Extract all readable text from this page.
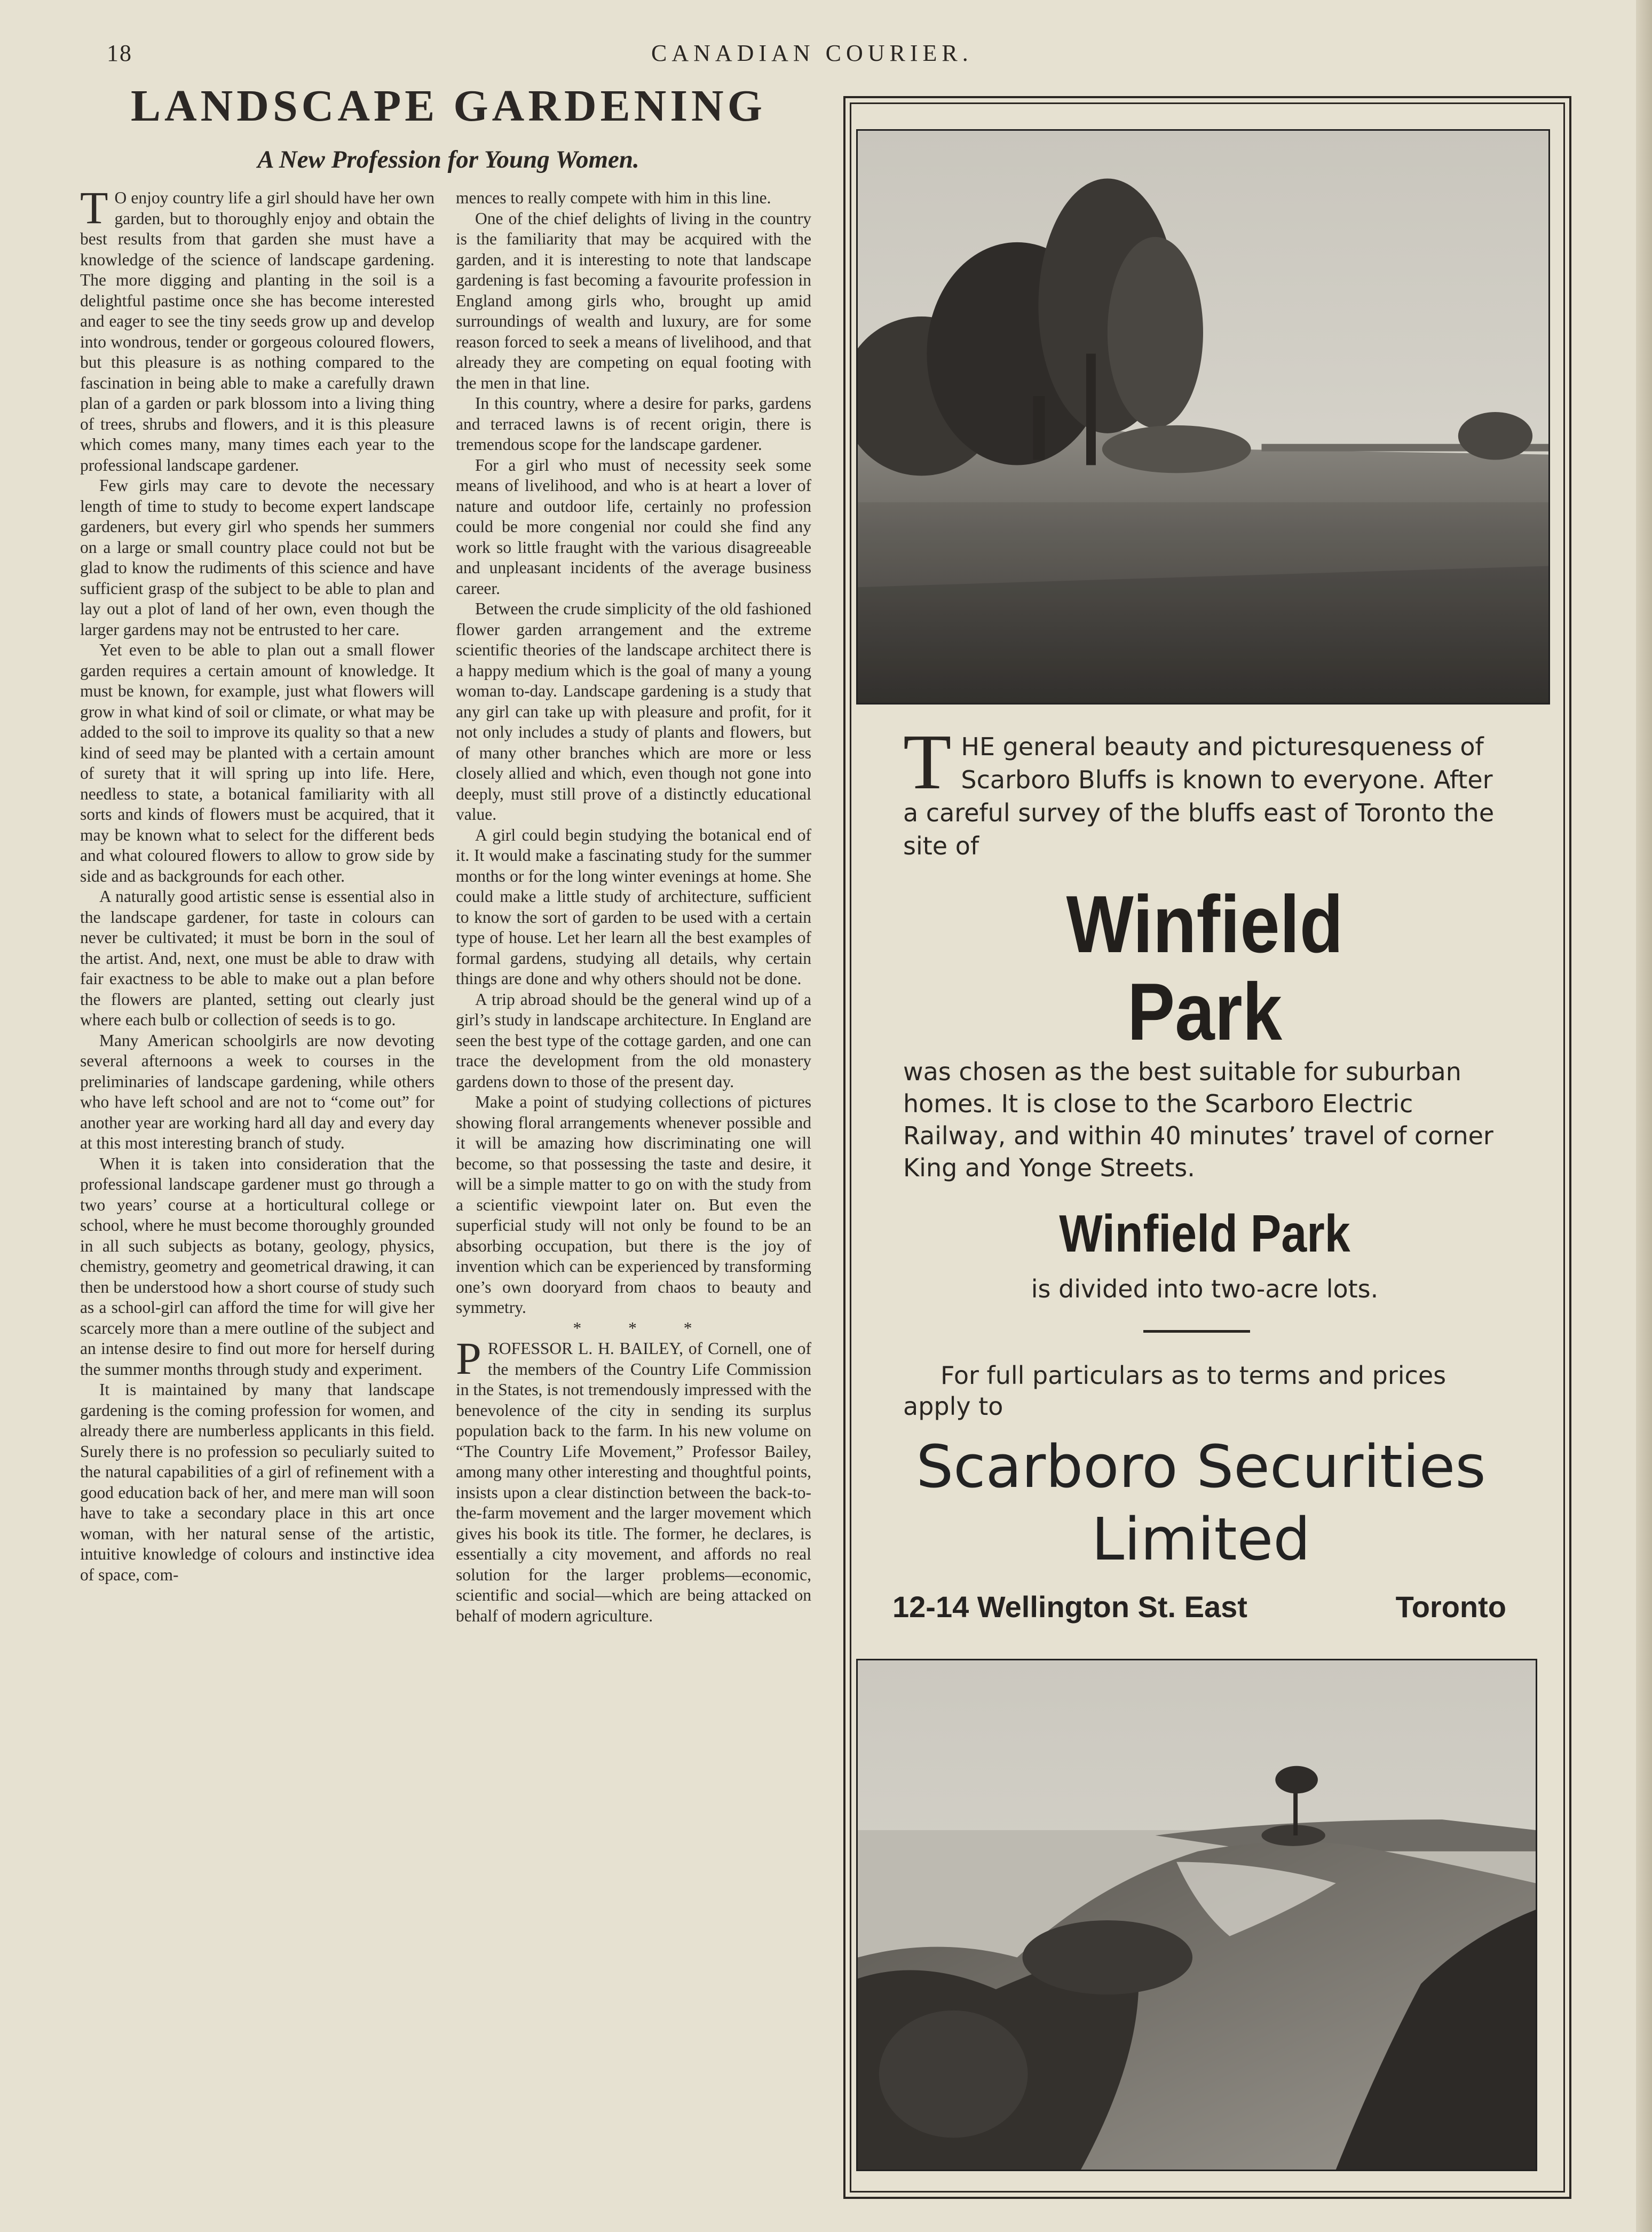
18	CANADIAN COURIER.
LANDSCAPE GARDENING
A New Profession for Young Women.

T O enjoy country life a girl should have her own garden, but to thoroughly enjoy and obtain the best results from that garden she must have a knowledge of the science of landscape gardening. The more digging and planting in the soil is a delightful pastime once she has become interested and eager to see the tiny seeds grow up and develop into wondrous, tender or gorgeous coloured flowers, but this pleasure is as nothing compared to the fascination in being able to make a carefully drawn plan of a garden or park blossom into a living thing of trees, shrubs and flowers, and it is this pleasure which comes many, many times each year to the professional landscape gardener.

Few girls may care to devote the necessary length of time to study to become expert landscape gardeners, but every girl who spends her summers on a large or small country place could not but be glad to know the rudiments of this science and have sufficient grasp of the subject to be able to plan and lay out a plot of land of her own, even though the larger gardens may not be entrusted to her care.

Yet even to be able to plan out a small flower garden requires a certain amount of knowledge. It must be known, for example, just what flowers will grow in what kind of soil or climate, or what may be added to the soil to improve its quality so that a new kind of seed may be planted with a certain amount of surety that it will spring up into life. Here, needless to state, a botanical familiarity with all sorts and kinds of flowers must be acquired, that it may be known what to select for the different beds and what coloured flowers to allow to grow side by side and as backgrounds for each other.

A naturally good artistic sense is essential also in the landscape gardener, for taste in colours can never be cultivated; it must be born in the soul of the artist. And, next, one must be able to draw with fair exactness to be able to make out a plan before the flowers are planted, setting out clearly just where each bulb or collection of seeds is to go.

Many American schoolgirls are now devoting several afternoons a week to courses in the preliminaries of landscape gardening, while others who have left school and are not to “come out” for another year are working hard all day and every day at this most interesting branch of study.

When it is taken into consideration that the professional landscape gardener must go through a two years’ course at a horticultural college or school, where he must become thoroughly grounded in all such subjects as botany, geology, physics, chemistry, geometry and geometrical drawing, it can then be understood how a short course of study such as a school-girl can afford the time for will give her scarcely more than a mere outline of the subject and an intense desire to find out more for herself during the summer months through study and experiment.

It is maintained by many that landscape gardening is the coming profession for women, and already there are numberless applicants in this field. Surely there is no profession so peculiarly suited to the natural capabilities of a girl of refinement with a good education back of her, and mere man will soon have to take a secondary place in this art once woman, with her natural sense of the artistic, intuitive knowledge of colours and instinctive idea of space, com-

mences to really compete with him in this line.

One of the chief delights of living in the country is the familiarity that may be acquired with the garden, and it is interesting to note that landscape gardening is fast becoming a favourite profession in England among girls who, brought up amid surroundings of wealth and luxury, are for some reason forced to seek a means of livelihood, and that already they are competing on equal footing with the men in that line.

In this country, where a desire for parks, gardens and terraced lawns is of recent origin, there is tremendous scope for the landscape gardener.

For a girl who must of necessity seek some means of livelihood, and who is at heart a lover of nature and outdoor life, certainly no profession could be more congenial nor could she find any work so little fraught with the various disagreeable and unpleasant incidents of the average business career.

Between the crude simplicity of the old fashioned flower garden arrangement and the extreme scientific theories of the landscape architect there is a happy medium which is the goal of many a young woman to-day. Landscape gardening is a study that any girl can take up with pleasure and profit, for it not only includes a study of plants and flowers, but of many other branches which are more or less closely allied and which, even though not gone into deeply, must still prove of a distinctly educational value.

A girl could begin studying the botanical end of it. It would make a fascinating study for the summer months or for the long winter evenings at home. She could make a little study of architecture, sufficient to know the sort of garden to be used with a certain type of house. Let her learn all the best examples of formal gardens, studying all details, why certain things are done and why others should not be done.

A trip abroad should be the general wind up of a girl’s study in landscape architecture. In England are seen the best type of the cottage garden, and one can trace the development from the old monastery gardens down to those of the present day.

Make a point of studying collections of pictures showing floral arrangements whenever possible and it will be amazing how discriminating one will become, so that possessing the taste and desire, it will be a simple matter to go on with the study from a scientific viewpoint later on. But even the superficial study will not only be found to be an absorbing occupation, but there is the joy of invention which can be experienced by transforming one’s own dooryard from chaos to beauty and symmetry.

* * *

PROFESSOR L. H. BAILEY, of Cornell, one of the members of the Country Life Commission in the States, is not tremendously impressed with the benevolence of the city in sending its surplus population back to the farm. In his new volume on “The Country Life Movement,” Professor Bailey, among many other interesting and thoughtful points, insists upon a clear distinction between the back-to-the-farm movement and the larger movement which gives his book its title. The former, he declares, is essentially a city movement, and affords no real solution for the larger problems—economic, scientific and social—which are being attacked on behalf of modern agriculture.

THE general beauty and picturesqueness of Scarboro Bluffs is known to everyone. After a careful survey of the bluffs east of Toronto the site of

Winfield
Park

was chosen as the best suitable for suburban homes. It is close to the Scarboro Electric Railway, and within 40 minutes’ travel of corner King and Yonge Streets.

Winfield Park

is divided into two-acre lots.

For full particulars as to terms and prices
apply to

Scarboro Securities
Limited

12-14 Wellington St. East	Toronto
